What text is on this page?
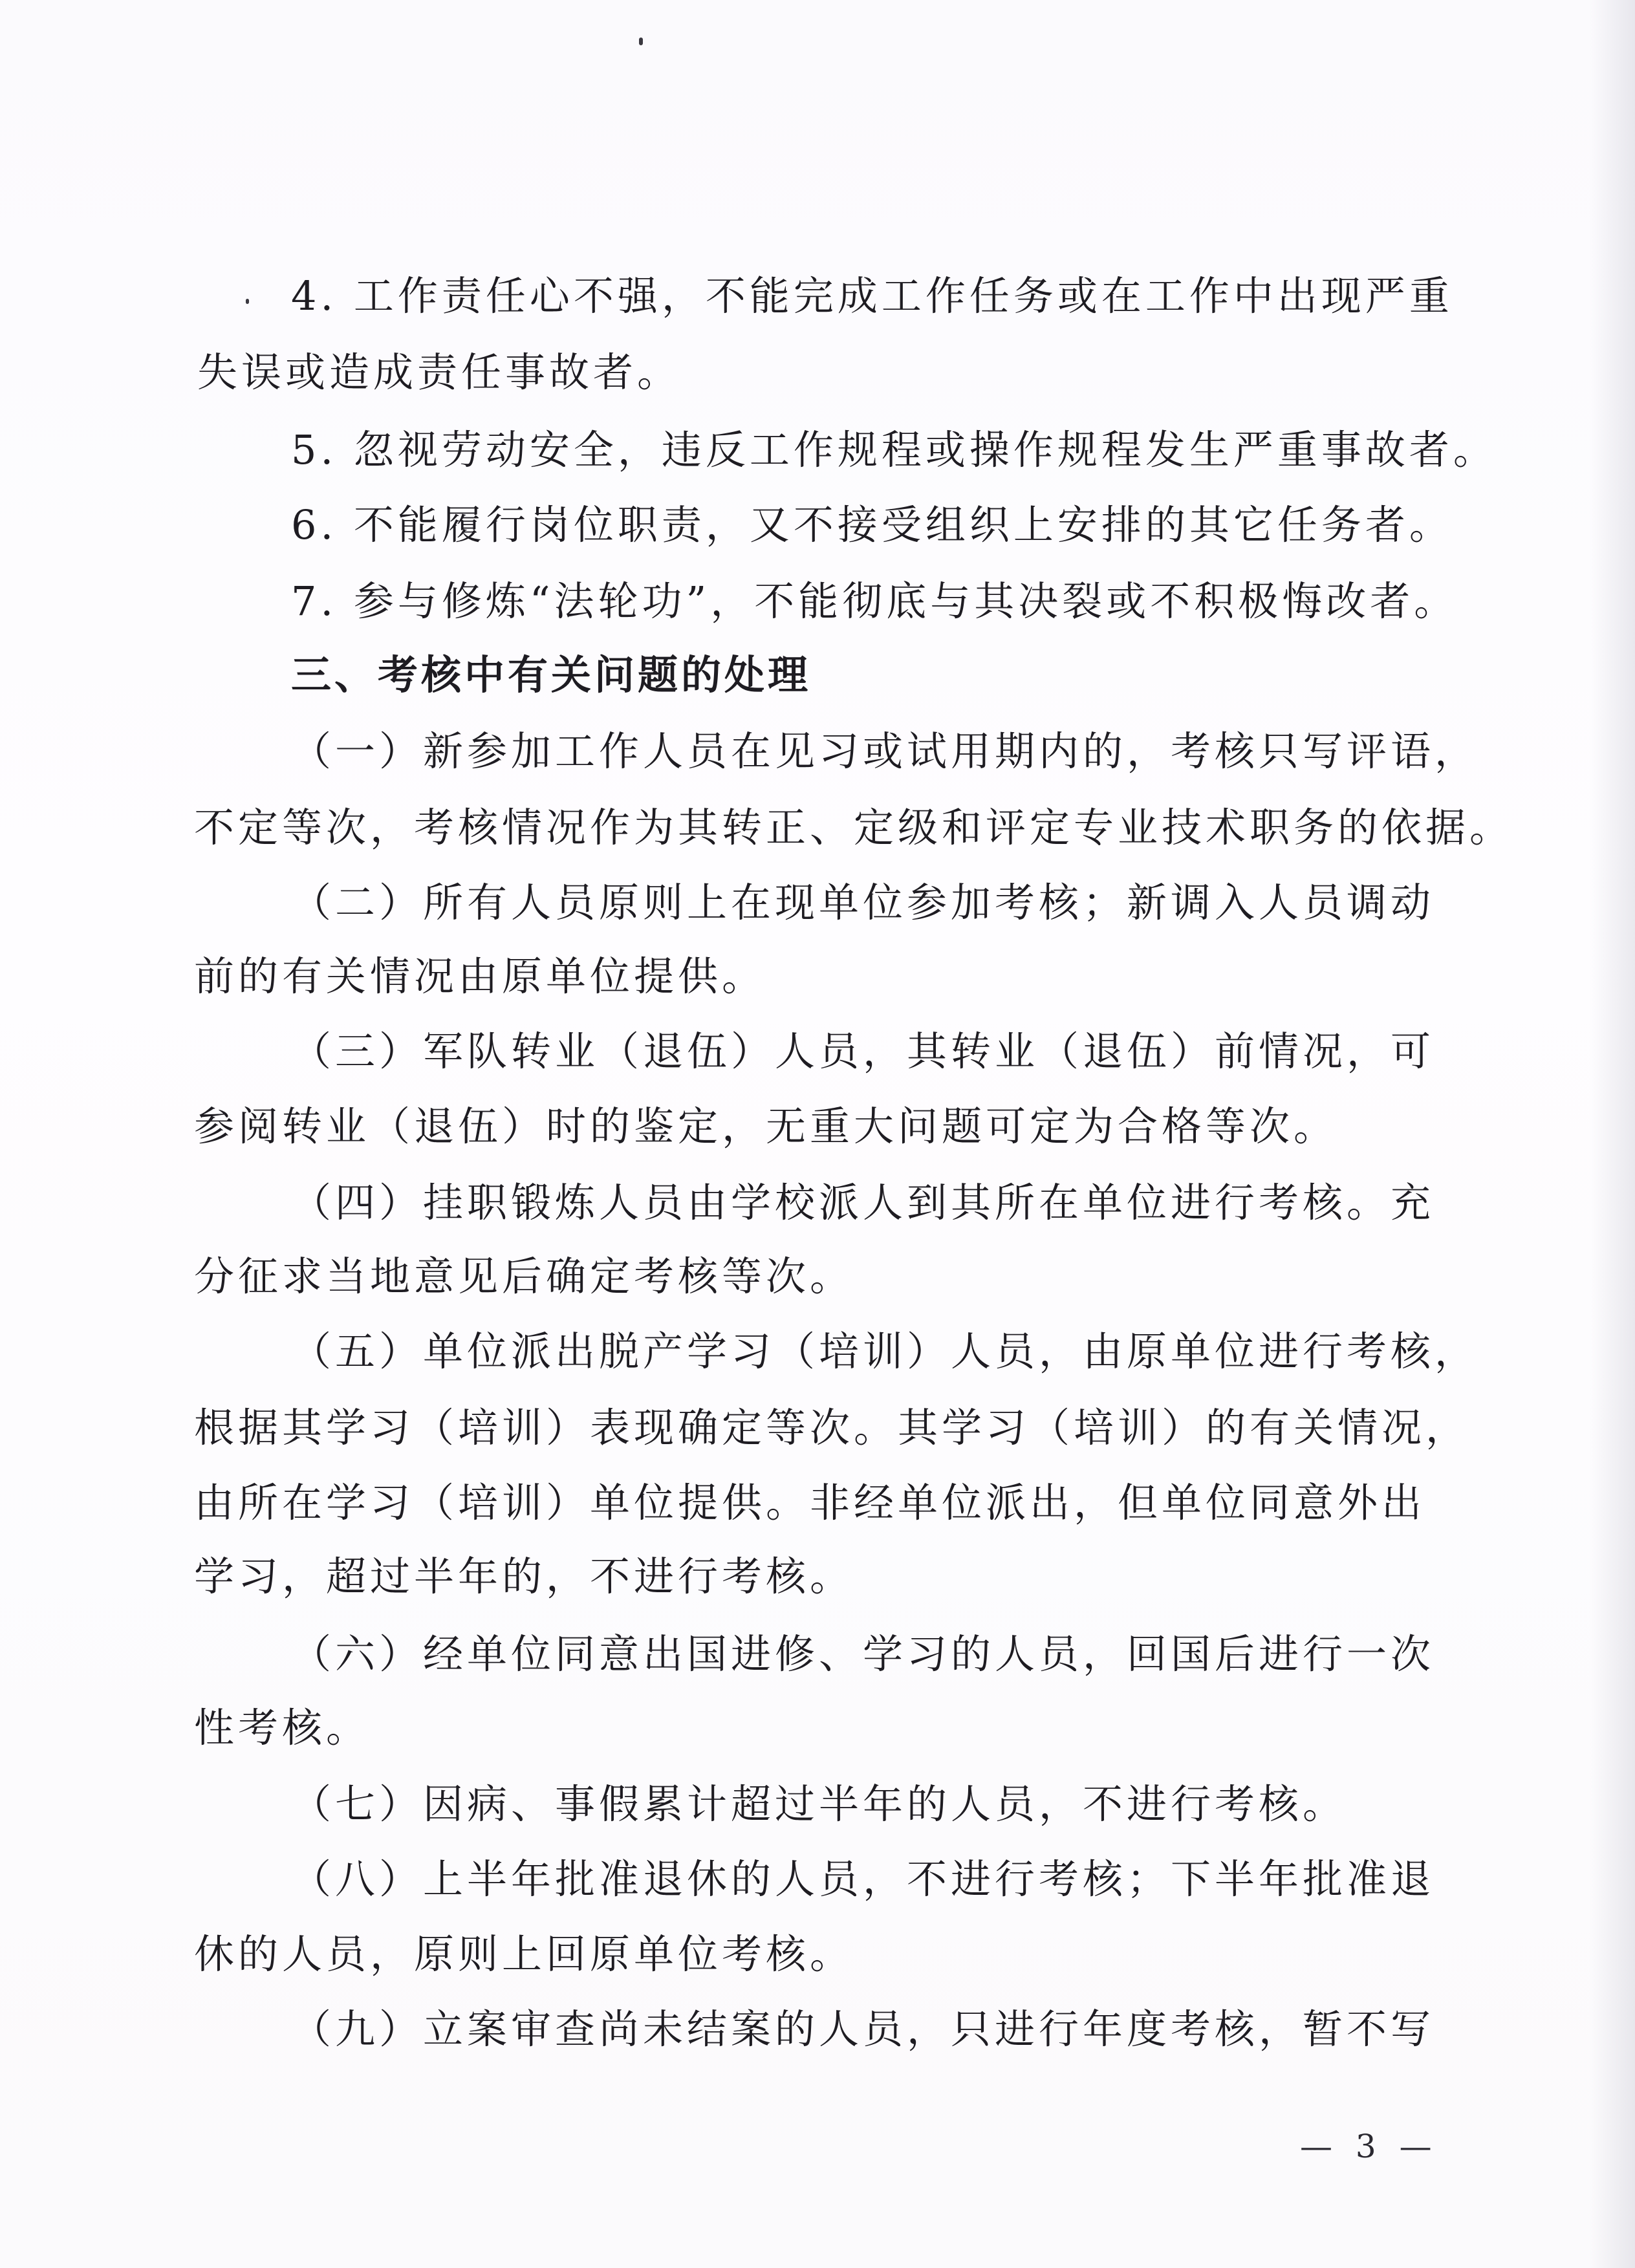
4. 工作责任心不强，不能完成工作任务或在工作中出现严重
失误或造成责任事故者。
5. 忽视劳动安全，违反工作规程或操作规程发生严重事故者。
6. 不能履行岗位职责，又不接受组织上安排的其它任务者。
7. 参与修炼“法轮功”，不能彻底与其决裂或不积极悔改者。
三、考核中有关问题的处理
（一）新参加工作人员在见习或试用期内的，考核只写评语，
不定等次，考核情况作为其转正、定级和评定专业技术职务的依据。
（二）所有人员原则上在现单位参加考核；新调入人员调动
前的有关情况由原单位提供。
（三）军队转业（退伍）人员，其转业（退伍）前情况，可
参阅转业（退伍）时的鉴定，无重大问题可定为合格等次。
（四）挂职锻炼人员由学校派人到其所在单位进行考核。充
分征求当地意见后确定考核等次。
（五）单位派出脱产学习（培训）人员，由原单位进行考核，
根据其学习（培训）表现确定等次。其学习（培训）的有关情况，
由所在学习（培训）单位提供。非经单位派出，但单位同意外出
学习，超过半年的，不进行考核。
（六）经单位同意出国进修、学习的人员，回国后进行一次
性考核。
（七）因病、事假累计超过半年的人员，不进行考核。
（八）上半年批准退休的人员，不进行考核；下半年批准退
休的人员，原则上回原单位考核。
（九）立案审查尚未结案的人员，只进行年度考核，暂不写
— 3 —
